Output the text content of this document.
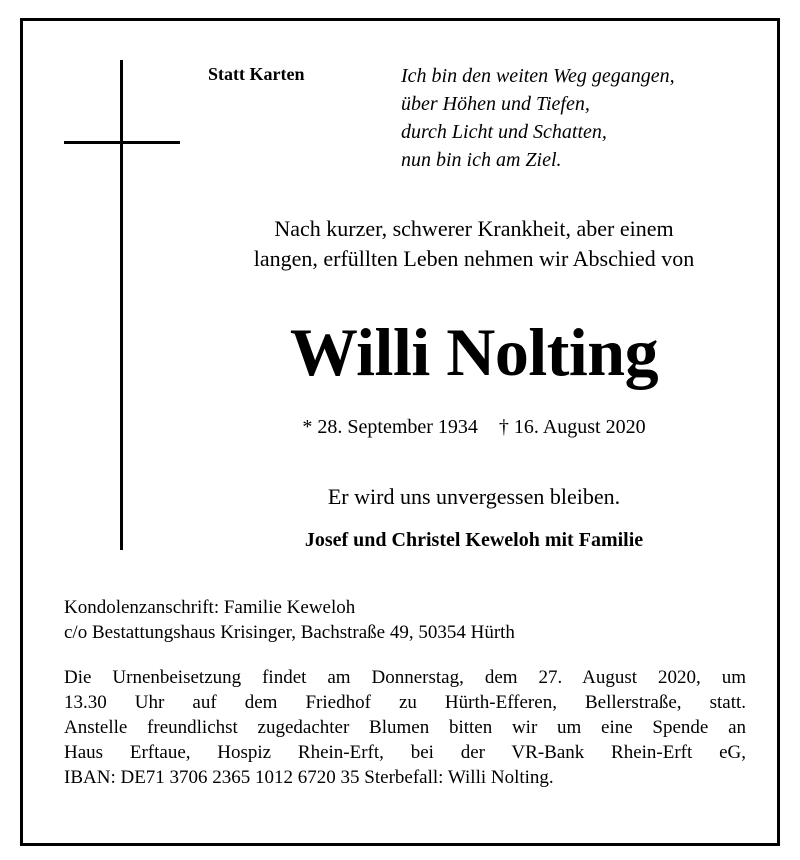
Statt Karten	Ich bin den weiten Weg gegangen,
über Höhen und Tiefen,
durch Licht und Schatten,
nun bin ich am Ziel.
Nach kurzer, schwerer Krankheit, aber einem
langen, erfüllten Leben nehmen wir Abschied von
Willi Nolting
* 28. September 1934 † 16. August 2020
Er wird uns unvergessen bleiben.
Josef und Christel Keweloh mit Familie
Kondolenzanschrift: Familie Keweloh
c/o Bestattungshaus Krisinger, Bachstraße 49, 50354 Hürth
Die Urnenbeisetzung findet am Donnerstag, dem 27. August 2020, um
13.30 Uhr auf dem Friedhof zu Hürth-Efferen, Bellerstraße, statt.
Anstelle freundlichst zugedachter Blumen bitten wir um eine Spende an
Haus Erftaue, Hospiz Rhein-Erft, bei der VR-Bank Rhein-Erft eG,
IBAN: DE71 3706 2365 1012 6720 35 Sterbefall: Willi Nolting.
